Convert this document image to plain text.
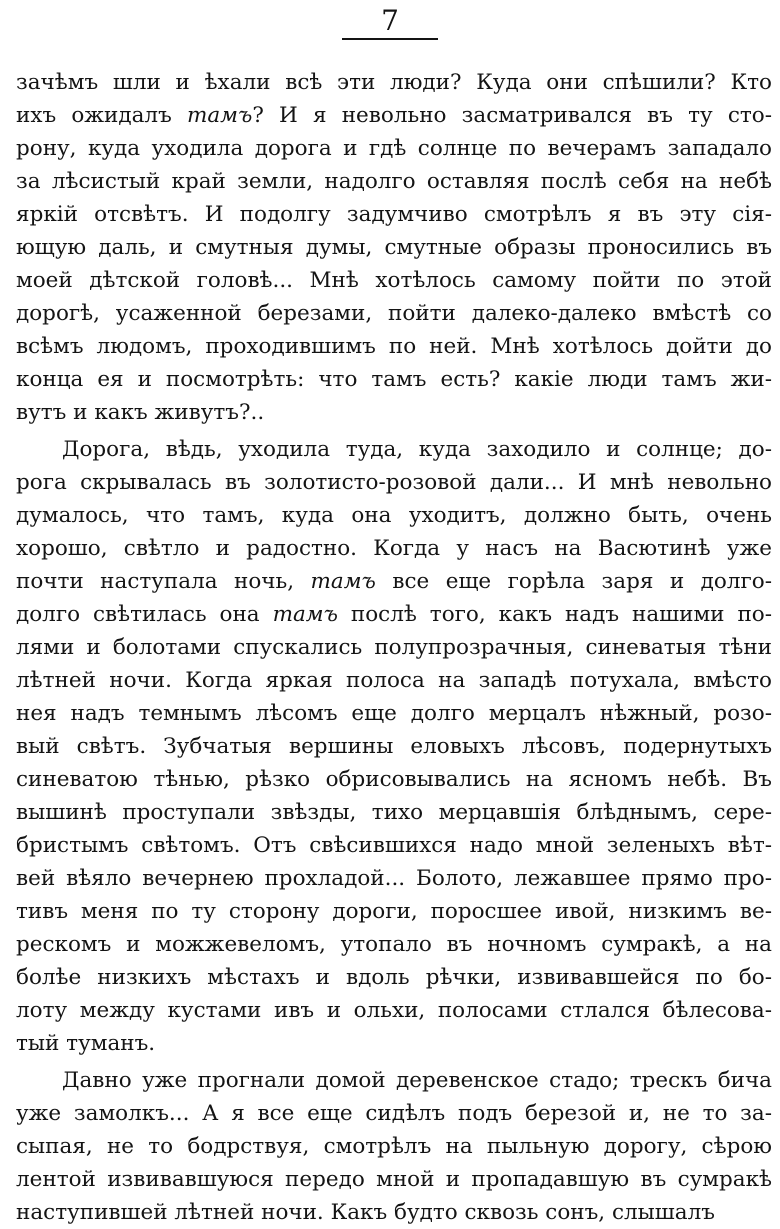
7
зачѣмъ шли и ѣхали всѣ эти люди? Куда они спѣшили? Кто
ихъ ожидалъ тамъ? И я невольно засматривался въ ту сто-
рону, куда уходила дорога и гдѣ солнце по вечерамъ западало
за лѣсистый край земли, надолго оставляя послѣ себя на небѣ
яркій отсвѣтъ. И подолгу задумчиво смотрѣлъ я въ эту сія-
ющую даль, и смутныя думы, смутные образы проносились въ
моей дѣтской головѣ... Мнѣ хотѣлось самому пойти по этой
дорогѣ, усаженной березами, пойти далеко-далеко вмѣстѣ со
всѣмъ людомъ, проходившимъ по ней. Мнѣ хотѣлось дойти до
конца ея и посмотрѣть: что тамъ есть? какіе люди тамъ жи-
вутъ и какъ живутъ?..
Дорога, вѣдь, уходила туда, куда заходило и солнце; до-
рога скрывалась въ золотисто-розовой дали... И мнѣ невольно
думалось, что тамъ, куда она уходитъ, должно быть, очень
хорошо, свѣтло и радостно. Когда у насъ на Васютинѣ уже
почти наступала ночь, тамъ все еще горѣла заря и долго-
долго свѣтилась она тамъ послѣ того, какъ надъ нашими по-
лями и болотами спускались полупрозрачныя, синеватыя тѣни
лѣтней ночи. Когда яркая полоса на западѣ потухала, вмѣсто
нея надъ темнымъ лѣсомъ еще долго мерцалъ нѣжный, розо-
вый свѣтъ. Зубчатыя вершины еловыхъ лѣсовъ, подернутыхъ
синеватою тѣнью, рѣзко обрисовывались на ясномъ небѣ. Въ
вышинѣ проступали звѣзды, тихо мерцавшія блѣднымъ, сере-
бристымъ свѣтомъ. Отъ свѣсившихся надо мной зеленыхъ вѣт-
вей вѣяло вечернею прохладой... Болото, лежавшее прямо про-
тивъ меня по ту сторону дороги, поросшее ивой, низкимъ ве-
рескомъ и можжевеломъ, утопало въ ночномъ сумракѣ, а на
болѣе низкихъ мѣстахъ и вдоль рѣчки, извивавшейся по бо-
лоту между кустами ивъ и ольхи, полосами стлался бѣлесова-
тый туманъ.
Давно уже прогнали домой деревенское стадо; трескъ бича
уже замолкъ... А я все еще сидѣлъ подъ березой и, не то за-
сыпая, не то бодрствуя, смотрѣлъ на пыльную дорогу, сѣрою
лентой извивавшуюся передо мной и пропадавшую въ сумракѣ
наступившей лѣтней ночи. Какъ будто сквозь сонъ, слышалъ
